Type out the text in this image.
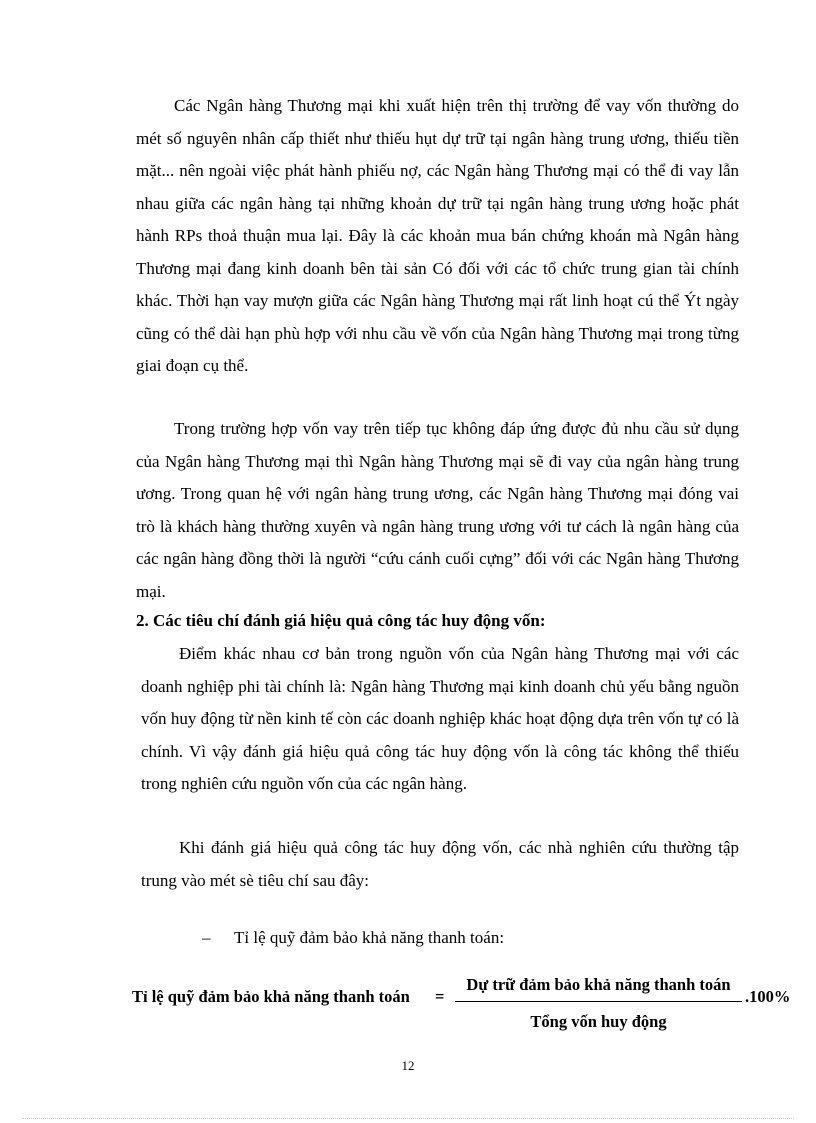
Các Ngân hàng Thương mại khi xuất hiện trên thị trường để vay vốn thường do mét số nguyên nhân cấp thiết như thiếu hụt dự trữ tại ngân hàng trung ương, thiếu tiền mặt... nên ngoài việc phát hành phiếu nợ, các Ngân hàng Thương mại có thể đi vay lẫn nhau giữa các ngân hàng tại những khoản dự trữ tại ngân hàng trung ương hoặc phát hành RPs thoả thuận mua lại. Đây là các khoản mua bán chứng khoán mà Ngân hàng Thương mại đang kinh doanh bên tài sản Có đối với các tổ chức trung gian tài chính khác. Thời hạn vay mượn giữa các Ngân hàng Thương mại rất linh hoạt cú thể Ýt ngày cũng có thể dài hạn phù hợp với nhu cầu về vốn của Ngân hàng Thương mại trong từng giai đoạn cụ thể.

Trong trường hợp vốn vay trên tiếp tục không đáp ứng được đủ nhu cầu sử dụng của Ngân hàng Thương mại thì Ngân hàng Thương mại sẽ đi vay của ngân hàng trung ương. Trong quan hệ với ngân hàng trung ương, các Ngân hàng Thương mại đóng vai trò là khách hàng thường xuyên và ngân hàng trung ương với tư cách là ngân hàng của các ngân hàng đồng thời là người “cứu cánh cuối cựng” đối với các Ngân hàng Thương mại.

2. Các tiêu chí đánh giá hiệu quả công tác huy động vốn:

Điểm khác nhau cơ bản trong nguồn vốn của Ngân hàng Thương mại với các doanh nghiệp phi tài chính là: Ngân hàng Thương mại kinh doanh chủ yếu bằng nguồn vốn huy động từ nền kinh tế còn các doanh nghiệp khác hoạt động dựa trên vốn tự có là chính. Vì vậy đánh giá hiệu quả công tác huy động vốn là công tác không thể thiếu trong nghiên cứu nguồn vốn của các ngân hàng.

Khi đánh giá hiệu quả công tác huy động vốn, các nhà nghiên cứu thường tập trung vào mét sè tiêu chí sau đây:

– Tỉ lệ quỹ đảm bảo khả năng thanh toán:

Tỉ lệ quỹ đảm bảo khả năng thanh toán =
Dự trữ đảm bảo khả năng thanh toán
Tổng vốn huy động
.100%

12
